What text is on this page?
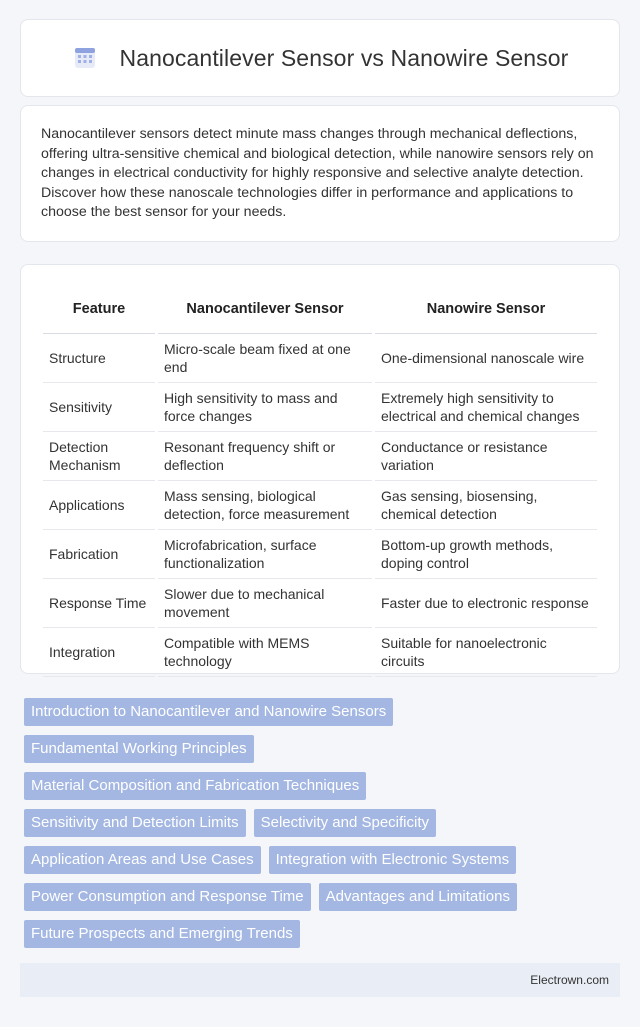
Nanocantilever Sensor vs Nanowire Sensor

Nanocantilever sensors detect minute mass changes through mechanical deflections, offering ultra-sensitive chemical and biological detection, while nanowire sensors rely on changes in electrical conductivity for highly responsive and selective analyte detection. Discover how these nanoscale technologies differ in performance and applications to choose the best sensor for your needs.

Feature		Nanocantilever Sensor		Nanowire Sensor
Structure		Micro-scale beam fixed at one end		One-dimensional nanoscale wire
Sensitivity		High sensitivity to mass and force changes		Extremely high sensitivity to electrical and chemical changes
Detection Mechanism		Resonant frequency shift or deflection		Conductance or resistance variation
Applications		Mass sensing, biological detection, force measurement		Gas sensing, biosensing, chemical detection
Fabrication		Microfabrication, surface functionalization		Bottom-up growth methods, doping control
Response Time		Slower due to mechanical movement		Faster due to electronic response
Integration		Compatible with MEMS technology		Suitable for nanoelectronic circuits
Introduction to Nanocantilever and Nanowire Sensors
Fundamental Working Principles
Material Composition and Fabrication Techniques
Sensitivity and Detection Limits	Selectivity and Specificity
Application Areas and Use Cases	Integration with Electronic Systems
Power Consumption and Response Time	Advantages and Limitations
Future Prospects and Emerging Trends
Electrown.com
